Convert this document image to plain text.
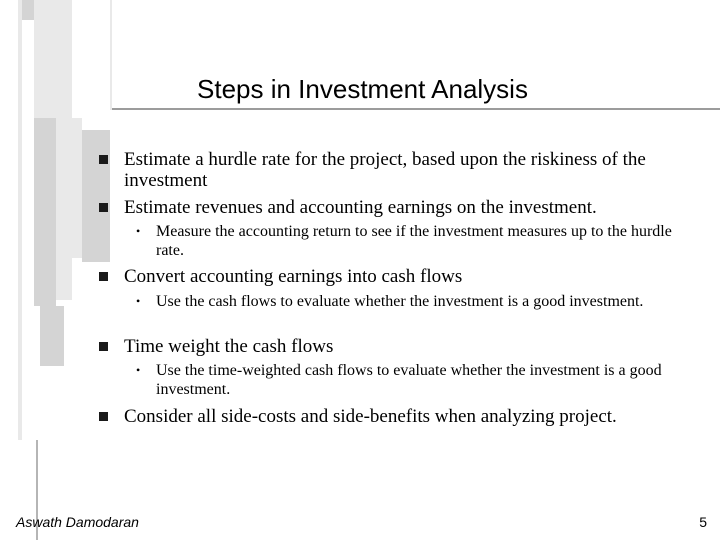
Steps in Investment Analysis
Estimate a hurdle rate for the project, based upon the riskiness of the investment
Estimate revenues and accounting earnings on the investment.
• Measure the accounting return to see if the investment measures up to the hurdle rate.
Convert accounting earnings into cash flows
• Use the cash flows to evaluate whether the investment is a good investment.
Time weight the cash flows
• Use the time-weighted cash flows to evaluate whether the investment is a good investment.
Consider all side-costs and side-benefits when analyzing project.
Aswath Damodaran	5
